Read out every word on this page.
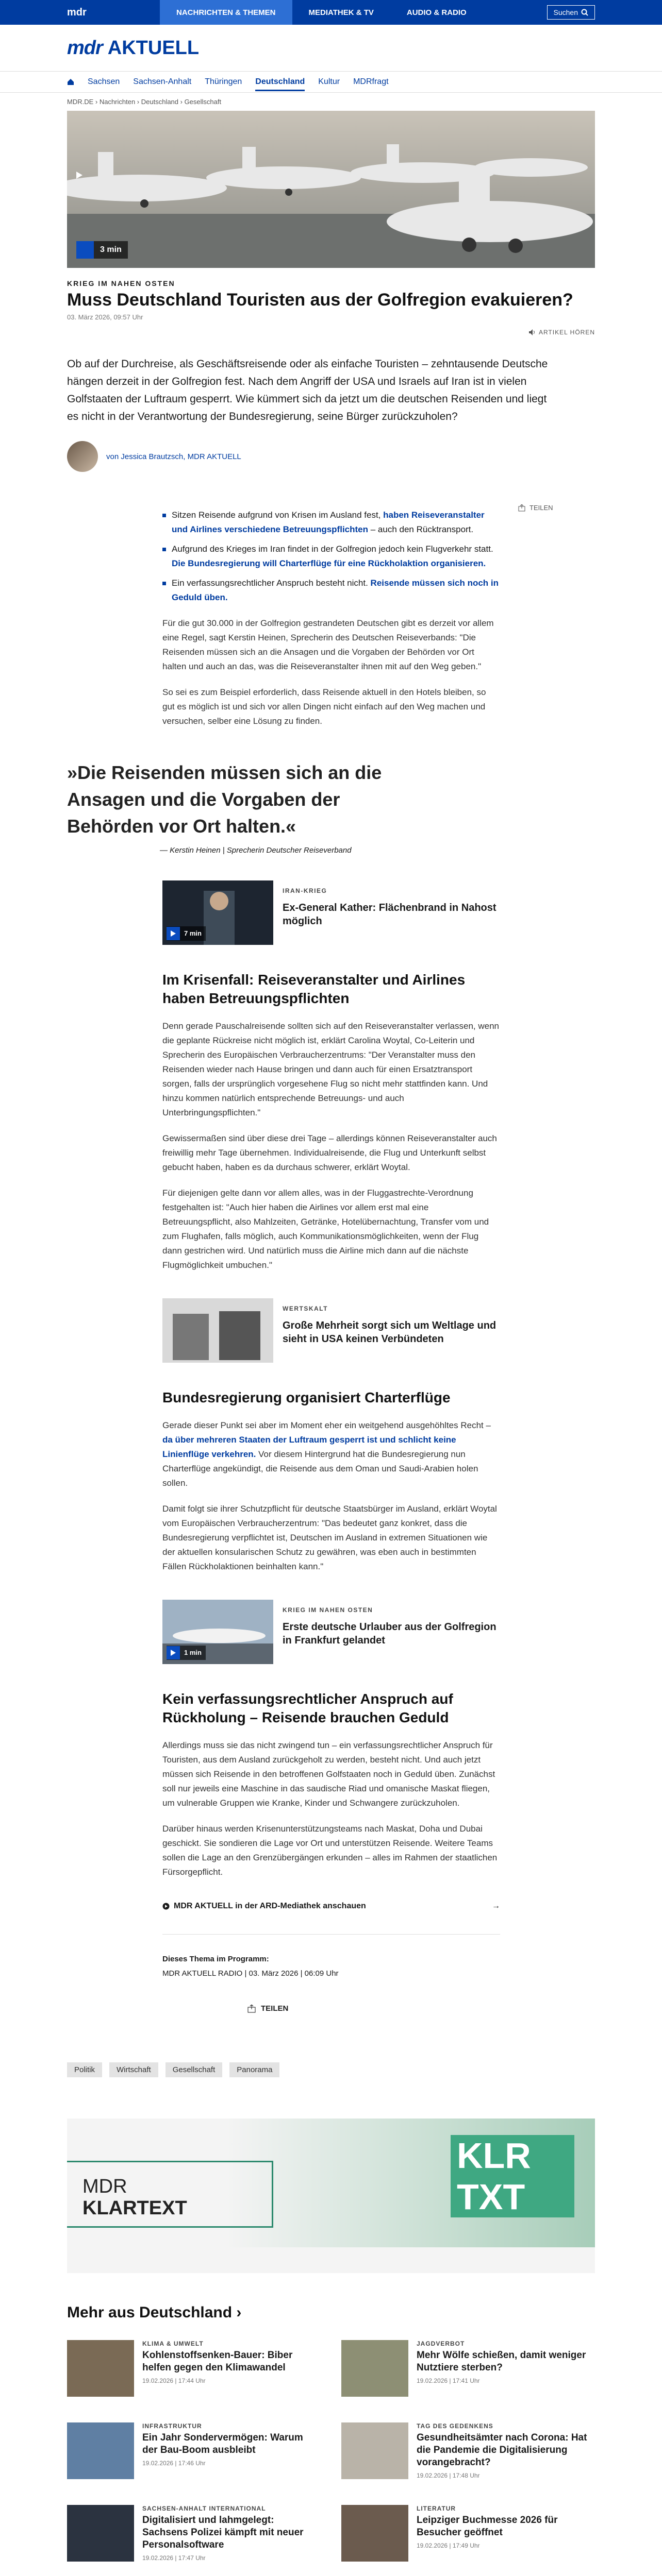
mdr	NACHRICHTEN & THEMEN	MEDIATHEK & TV	AUDIO & RADIO	Suchen
mdr AKTUELL
Sachsen Sachsen-Anhalt Thüringen Deutschland Kultur MDRfragt
MDR.DE › Nachrichten › Deutschland › Gesellschaft
3 min
KRIEG IM NAHEN OSTEN
Muss Deutschland Touristen aus der Golfregion evakuieren?
03. März 2026, 09:57 Uhr
ARTIKEL HÖREN

Ob auf der Durchreise, als Geschäftsreisende oder als einfache Touristen – zehntausende Deutsche hängen derzeit in der Golfregion fest. Nach dem Angriff der USA und Israels auf Iran ist in vielen Golfstaaten der Luftraum gesperrt. Wie kümmert sich da jetzt um die deutschen Reisenden und liegt es nicht in der Verantwortung der Bundesregierung, seine Bürger zurückzuholen?

von Jessica Brautzsch, MDR AKTUELL
TEILEN
Sitzen Reisende aufgrund von Krisen im Ausland fest, haben Reiseveranstalter und Airlines verschiedene Betreuungspflichten – auch den Rücktransport.
Aufgrund des Krieges im Iran findet in der Golfregion jedoch kein Flugverkehr statt. Die Bundesregierung will Charterflüge für eine Rückholaktion organisieren.
Ein verfassungsrechtlicher Anspruch besteht nicht. Reisende müssen sich noch in Geduld üben.

Für die gut 30.000 in der Golfregion gestrandeten Deutschen gibt es derzeit vor allem eine Regel, sagt Kerstin Heinen, Sprecherin des Deutschen Reiseverbands: "Die Reisenden müssen sich an die Ansagen und die Vorgaben der Behörden vor Ort halten und auch an das, was die Reiseveranstalter ihnen mit auf den Weg geben."

So sei es zum Beispiel erforderlich, dass Reisende aktuell in den Hotels bleiben, so gut es möglich ist und sich vor allen Dingen nicht einfach auf den Weg machen und versuchen, selber eine Lösung zu finden.

»Die Reisenden müssen sich an die Ansagen und die Vorgaben der Behörden vor Ort halten.«
— Kerstin Heinen | Sprecherin Deutscher Reiseverband
7 min
IRAN-KRIEG
Ex-General Kather: Flächenbrand in Nahost möglich
Im Krisenfall: Reiseveranstalter und Airlines haben Betreuungspflichten

Denn gerade Pauschalreisende sollten sich auf den Reiseveranstalter verlassen, wenn die geplante Rückreise nicht möglich ist, erklärt Carolina Woytal, Co-Leiterin und Sprecherin des Europäischen Verbraucherzentrums: "Der Veranstalter muss den Reisenden wieder nach Hause bringen und dann auch für einen Ersatztransport sorgen, falls der ursprünglich vorgesehene Flug so nicht mehr stattfinden kann. Und hinzu kommen natürlich entsprechende Betreuungs- und auch Unterbringungspflichten."

Gewissermaßen sind über diese drei Tage – allerdings können Reiseveranstalter auch freiwillig mehr Tage übernehmen. Individualreisende, die Flug und Unterkunft selbst gebucht haben, haben es da durchaus schwerer, erklärt Woytal.

Für diejenigen gelte dann vor allem alles, was in der Fluggastrechte-Verordnung festgehalten ist: "Auch hier haben die Airlines vor allem erst mal eine Betreuungspflicht, also Mahlzeiten, Getränke, Hotelübernachtung, Transfer vom und zum Flughafen, falls möglich, auch Kommunikationsmöglichkeiten, wenn der Flug dann gestrichen wird. Und natürlich muss die Airline mich dann auf die nächste Flugmöglichkeit umbuchen."

WERTSKALT
Große Mehrheit sorgt sich um Weltlage und sieht in USA keinen Verbündeten
Bundesregierung organisiert Charterflüge

Gerade dieser Punkt sei aber im Moment eher ein weitgehend ausgehöhltes Recht – da über mehreren Staaten der Luftraum gesperrt ist und schlicht keine Linienflüge verkehren. Vor diesem Hintergrund hat die Bundesregierung nun Charterflüge angekündigt, die Reisende aus dem Oman und Saudi-Arabien holen sollen.

Damit folgt sie ihrer Schutzpflicht für deutsche Staatsbürger im Ausland, erklärt Woytal vom Europäischen Verbraucherzentrum: "Das bedeutet ganz konkret, dass die Bundesregierung verpflichtet ist, Deutschen im Ausland in extremen Situationen wie der aktuellen konsularischen Schutz zu gewähren, was eben auch in bestimmten Fällen Rückholaktionen beinhalten kann."

1 min
KRIEG IM NAHEN OSTEN
Erste deutsche Urlauber aus der Golfregion in Frankfurt gelandet
Kein verfassungsrechtlicher Anspruch auf Rückholung – Reisende brauchen Geduld

Allerdings muss sie das nicht zwingend tun – ein verfassungsrechtlicher Anspruch für Touristen, aus dem Ausland zurückgeholt zu werden, besteht nicht. Und auch jetzt müssen sich Reisende in den betroffenen Golfstaaten noch in Geduld üben. Zunächst soll nur jeweils eine Maschine in das saudische Riad und omanische Maskat fliegen, um vulnerable Gruppen wie Kranke, Kinder und Schwangere zurückzuholen.

Darüber hinaus werden Krisenunterstützungsteams nach Maskat, Doha und Dubai geschickt. Sie sondieren die Lage vor Ort und unterstützen Reisende. Weitere Teams sollen die Lage an den Grenzübergängen erkunden – alles im Rahmen der staatlichen Fürsorgepflicht.

MDR AKTUELL in der ARD-Mediathek anschauen	→
Dieses Thema im Programm:
MDR AKTUELL RADIO | 03. März 2026 | 06:09 Uhr
TEILEN
Politik	Wirtschaft	Gesellschaft	Panorama
MDR
KLARTEXT
KLR
TXT
Mehr aus Deutschland ›
KLIMA & UMWELT
Kohlenstoffsenken-Bauer: Biber helfen gegen den Klimawandel
19.02.2026 | 17:44 Uhr
JAGDVERBOT
Mehr Wölfe schießen, damit weniger Nutztiere sterben?
19.02.2026 | 17:41 Uhr
INFRASTRUKTUR
Ein Jahr Sondervermögen: Warum der Bau-Boom ausbleibt
19.02.2026 | 17:46 Uhr
TAG DES GEDENKENS
Gesundheitsämter nach Corona: Hat die Pandemie die Digitalisierung vorangebracht?
19.02.2026 | 17:48 Uhr
SACHSEN-ANHALT INTERNATIONAL
Digitalisiert und lahmgelegt: Sachsens Polizei kämpft mit neuer Personalsoftware
19.02.2026 | 17:47 Uhr
LITERATUR
Leipziger Buchmesse 2026 für Besucher geöffnet
19.02.2026 | 17:49 Uhr
